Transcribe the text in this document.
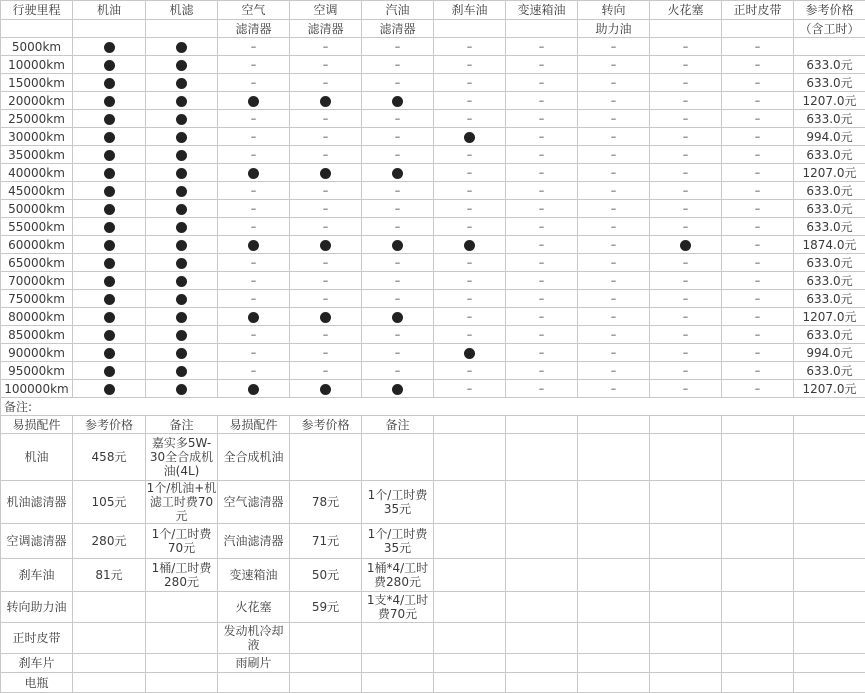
行驶里程	机油	机滤	空气	空调	汽油	刹车油	变速箱油	转向	火花塞	正时皮带	参考价格
			滤清器	滤清器	滤清器			助力油			（含工时）
5000km			–	–	–	–	–	–	–	–	
10000km			–	–	–	–	–	–	–	–	633.0元
15000km			–	–	–	–	–	–	–	–	633.0元
20000km						–	–	–	–	–	1207.0元
25000km			–	–	–	–	–	–	–	–	633.0元
30000km			–	–	–		–	–	–	–	994.0元
35000km			–	–	–	–	–	–	–	–	633.0元
40000km						–	–	–	–	–	1207.0元
45000km			–	–	–	–	–	–	–	–	633.0元
50000km			–	–	–	–	–	–	–	–	633.0元
55000km			–	–	–	–	–	–	–	–	633.0元
60000km							–	–		–	1874.0元
65000km			–	–	–	–	–	–	–	–	633.0元
70000km			–	–	–	–	–	–	–	–	633.0元
75000km			–	–	–	–	–	–	–	–	633.0元
80000km						–	–	–	–	–	1207.0元
85000km			–	–	–	–	–	–	–	–	633.0元
90000km			–	–	–		–	–	–	–	994.0元
95000km			–	–	–	–	–	–	–	–	633.0元
100000km						–	–	–	–	–	1207.0元
备注:											
易损配件	参考价格	备注	易损配件	参考价格	备注						
机油	458元	嘉实多5W-30全合成机油(4L)	全合成机油								
机油滤清器	105元	1个/机油+机滤工时费70元	空气滤清器	78元	1个/工时费35元						
空调滤清器	280元	1个/工时费70元	汽油滤清器	71元	1个/工时费35元						
刹车油	81元	1桶/工时费280元	变速箱油	50元	1桶*4/工时费280元						
转向助力油			火花塞	59元	1支*4/工时费70元						
正时皮带			发动机冷却液								
刹车片			雨刷片								
电瓶											
